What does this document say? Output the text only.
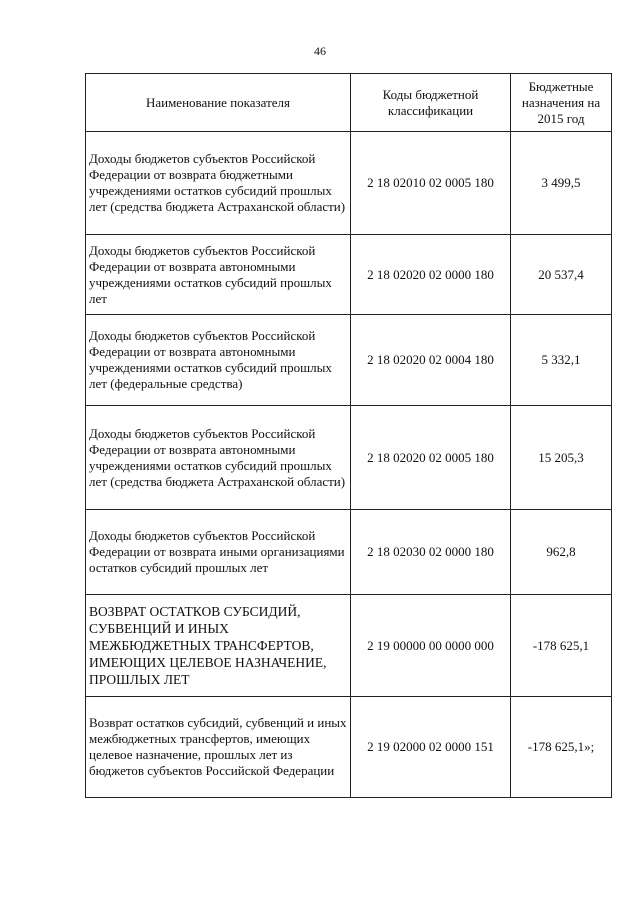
46
Наименование показателя	Коды бюджетной классификации	Бюджетные назначения на 2015 год
Доходы бюджетов субъектов Российской Федерации от возврата бюджетными учреждениями остатков субсидий прошлых лет (средства бюджета Астраханской области)	2 18 02010 02 0005 180	3 499,5
Доходы бюджетов субъектов Российской Федерации от возврата автономными учреждениями остатков субсидий прошлых лет	2 18 02020 02 0000 180	20 537,4
Доходы бюджетов субъектов Российской Федерации от возврата автономными учреждениями остатков субсидий прошлых лет (федеральные средства)	2 18 02020 02 0004 180	5 332,1
Доходы бюджетов субъектов Российской Федерации от возврата автономными учреждениями остатков субсидий прошлых лет (средства бюджета Астраханской области)	2 18 02020 02 0005 180	15 205,3
Доходы бюджетов субъектов Российской Федерации от возврата иными организациями остатков субсидий прошлых лет	2 18 02030 02 0000 180	962,8
ВОЗВРАТ ОСТАТКОВ СУБСИДИЙ, СУБВЕНЦИЙ И ИНЫХ МЕЖБЮДЖЕТНЫХ ТРАНСФЕРТОВ, ИМЕЮЩИХ ЦЕЛЕВОЕ НАЗНАЧЕНИЕ, ПРОШЛЫХ ЛЕТ	2 19 00000 00 0000 000	-178 625,1
Возврат остатков субсидий, субвенций и иных межбюджетных трансфертов, имеющих целевое назначение, прошлых лет из бюджетов субъектов Российской Федерации	2 19 02000 02 0000 151	-178 625,1»;
